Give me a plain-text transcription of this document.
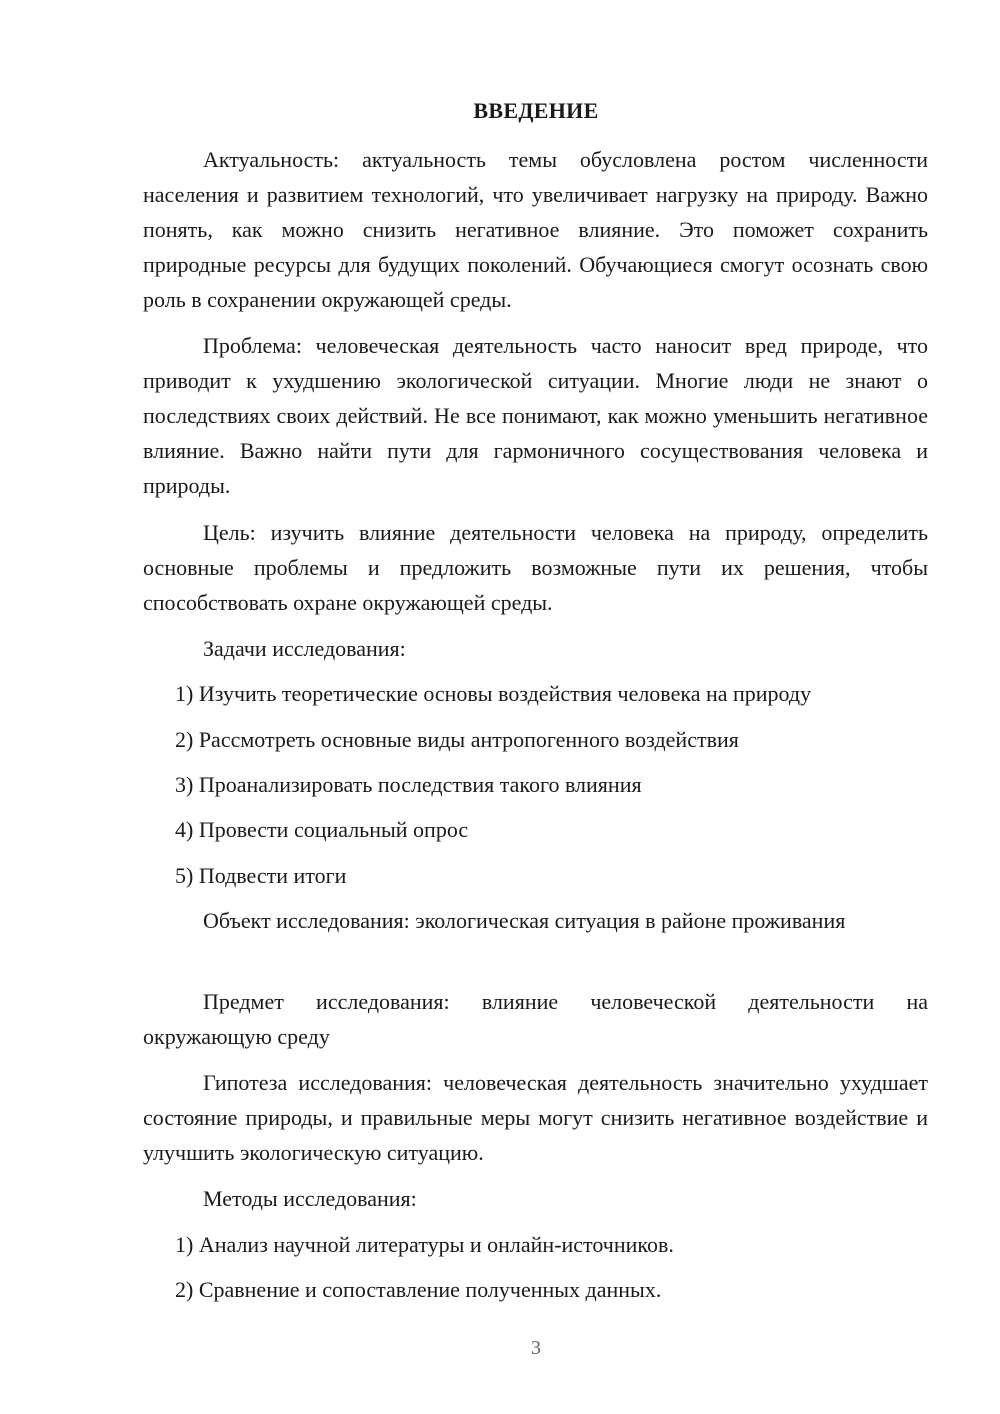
ВВЕДЕНИЕ

Актуальность: актуальность темы обусловлена ростом численности населения и развитием технологий, что увеличивает нагрузку на природу. Важно понять, как можно снизить негативное влияние. Это поможет сохранить природные ресурсы для будущих поколений. Обучающиеся смогут осознать свою роль в сохранении окружающей среды.

Проблема: человеческая деятельность часто наносит вред природе, что приводит к ухудшению экологической ситуации. Многие люди не знают о последствиях своих действий. Не все понимают, как можно уменьшить негативное влияние. Важно найти пути для гармоничного сосуществования человека и природы.

Цель: изучить влияние деятельности человека на природу, определить основные проблемы и предложить возможные пути их решения, чтобы способствовать охране окружающей среды.

Задачи исследования:

1) Изучить теоретические основы воздействия человека на природу

2) Рассмотреть основные виды антропогенного воздействия

3) Проанализировать последствия такого влияния

4) Провести социальный опрос

5) Подвести итоги

Объект исследования: экологическая ситуация в районе проживания

Предмет исследования: влияние человеческой деятельности на окружающую среду

Гипотеза исследования: человеческая деятельность значительно ухудшает состояние природы, и правильные меры могут снизить негативное воздействие и улучшить экологическую ситуацию.

Методы исследования:

1) Анализ научной литературы и онлайн-источников.

2) Сравнение и сопоставление полученных данных.

3
